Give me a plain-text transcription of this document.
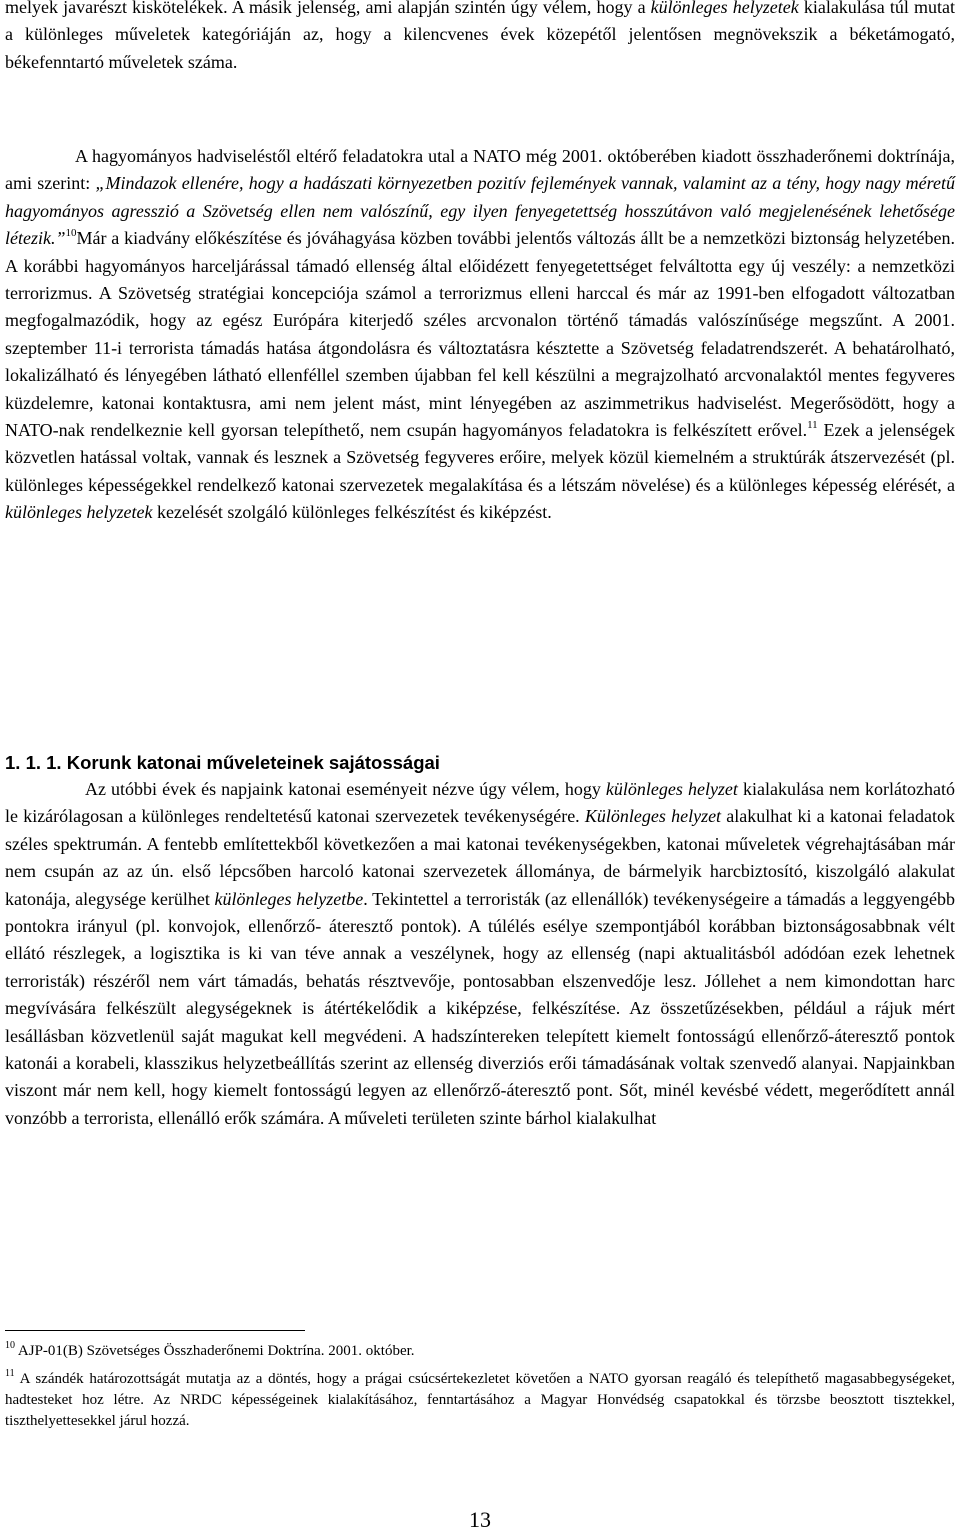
melyek javarészt kiskötelékek. A másik jelenség, ami alapján szintén úgy vélem, hogy a különleges helyzetek kialakulása túl mutat a különleges műveletek kategóriáján az, hogy a kilencvenes évek közepétől jelentősen megnövekszik a béketámogató, békefenntartó műveletek száma.

A hagyományos hadviseléstől eltérő feladatokra utal a NATO még 2001. októberében kiadott összhaderőnemi doktrínája, ami szerint: „Mindazok ellenére, hogy a hadászati környezetben pozitív fejlemények vannak, valamint az a tény, hogy nagy méretű hagyományos agresszió a Szövetség ellen nem valószínű, egy ilyen fenyegetettség hosszútávon való megjelenésének lehetősége létezik.”$^{10}$Már a kiadvány előkészítése és jóváhagyása közben további jelentős változás állt be a nemzetközi biztonság helyzetében. A korábbi hagyományos harceljárással támadó ellenség által előidézett fenyegetettséget felváltotta egy új veszély: a nemzetközi terrorizmus. A Szövetség stratégiai koncepciója számol a terrorizmus elleni harccal és már az 1991-ben elfogadott változatban megfogalmazódik, hogy az egész Európára kiterjedő széles arcvonalon történő támadás valószínűsége megszűnt. A 2001. szeptember 11-i terrorista támadás hatása átgondolásra és változtatásra késztette a Szövetség feladatrendszerét. A behatárolható, lokalizálható és lényegében látható ellenféllel szemben újabban fel kell készülni a megrajzolható arcvonalaktól mentes fegyveres küzdelemre, katonai kontaktusra, ami nem jelent mást, mint lényegében az aszimmetrikus hadviselést. Megerősödött, hogy a NATO-nak rendelkeznie kell gyorsan telepíthető, nem csupán hagyományos feladatokra is felkészített erővel.$^{11}$ Ezek a jelenségek közvetlen hatással voltak, vannak és lesznek a Szövetség fegyveres erőire, melyek közül kiemelném a struktúrák átszervezését (pl. különleges képességekkel rendelkező katonai szervezetek megalakítása és a létszám növelése) és a különleges képesség elérését, a különleges helyzetek kezelését szolgáló különleges felkészítést és kiképzést.

1. 1. 1. Korunk katonai műveleteinek sajátosságai

Az utóbbi évek és napjaink katonai eseményeit nézve úgy vélem, hogy különleges helyzet kialakulása nem korlátozható le kizárólagosan a különleges rendeltetésű katonai szervezetek tevékenységére. Különleges helyzet alakulhat ki a katonai feladatok széles spektrumán. A fentebb említettekből következően a mai katonai tevékenységekben, katonai műveletek végrehajtásában már nem csupán az az ún. első lépcsőben harcoló katonai szervezetek állománya, de bármelyik harcbiztosító, kiszolgáló alakulat katonája, alegysége kerülhet különleges helyzetbe. Tekintettel a terroristák (az ellenállók) tevékenységeire a támadás a leggyengébb pontokra irányul (pl. konvojok, ellenőrző- áteresztő pontok). A túlélés esélye szempontjából korábban biztonságosabbnak vélt ellátó részlegek, a logisztika is ki van téve annak a veszélynek, hogy az ellenség (napi aktualitásból adódóan ezek lehetnek terroristák) részéről nem várt támadás, behatás résztvevője, pontosabban elszenvedője lesz. Jóllehet a nem kimondottan harc megvívására felkészült alegységeknek is átértékelődik a kiképzése, felkészítése. Az összetűzésekben, például a rájuk mért lesállásban közvetlenül saját magukat kell megvédeni. A hadszíntereken telepített kiemelt fontosságú ellenőrző-áteresztő pontok katonái a korabeli, klasszikus helyzetbeállítás szerint az ellenség diverziós erői támadásának voltak szenvedő alanyai. Napjainkban viszont már nem kell, hogy kiemelt fontosságú legyen az ellenőrző-áteresztő pont. Sőt, minél kevésbé védett, megerődített annál vonzóbb a terrorista, ellenálló erők számára. A műveleti területen szinte bárhol kialakulhat

$^{10}$ AJP-01(B) Szövetséges Összhaderőnemi Doktrína. 2001. október.

$^{11}$ A szándék határozottságát mutatja az a döntés, hogy a prágai csúcsértekezletet követően a NATO gyorsan reagáló és telepíthető magasabbegységeket, hadtesteket hoz létre. Az NRDC képességeinek kialakításához, fenntartásához a Magyar Honvédség csapatokkal és törzsbe beosztott tisztekkel, tiszthelyettesekkel járul hozzá.

13
